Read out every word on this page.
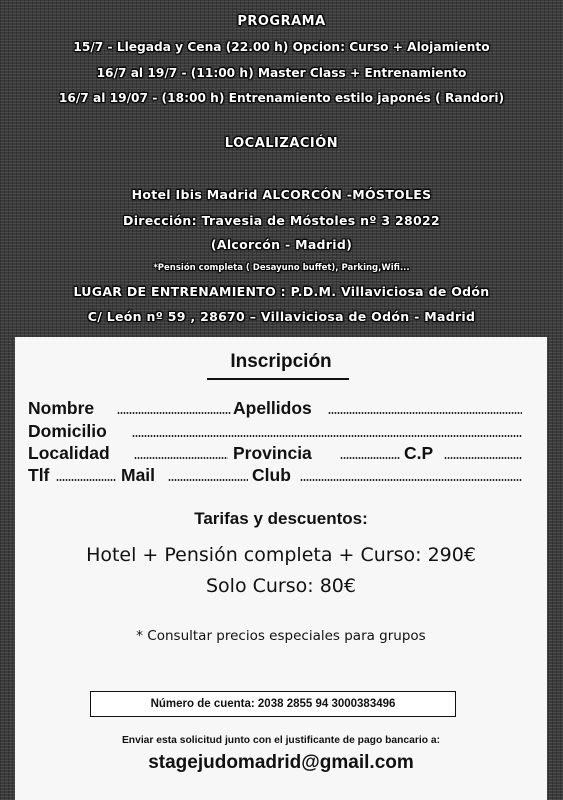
PROGRAMA
15/7 - Llegada y Cena (22.00 h) Opcion: Curso + Alojamiento
16/7 al 19/7 - (11:00 h) Master Class + Entrenamiento
16/7 al 19/07 - (18:00 h) Entrenamiento estilo japonés ( Randori)
LOCALIZACIÓN
Hotel Ibis Madrid ALCORCÓN -MÓSTOLES
Dirección: Travesia de Móstoles nº 3 28022
(Alcorcón - Madrid)
*Pensión completa ( Desayuno buffet), Parking,Wifi...
LUGAR DE ENTRENAMIENTO : P.D.M. Villaviciosa de Odón
C/ León nº 59 , 28670 – Villaviciosa de Odón - Madrid
Inscripción
Nombre	Apellidos
Domicilio
Localidad	Provincia	C.P
Tlf	Mail	Club
Tarifas y descuentos:
Hotel + Pensión completa + Curso: 290€
Solo Curso: 80€
* Consultar precios especiales para grupos
Número de cuenta: 2038 2855 94 3000383496
Enviar esta solicitud junto con el justificante de pago bancario a:
stagejudomadrid@gmail.com
